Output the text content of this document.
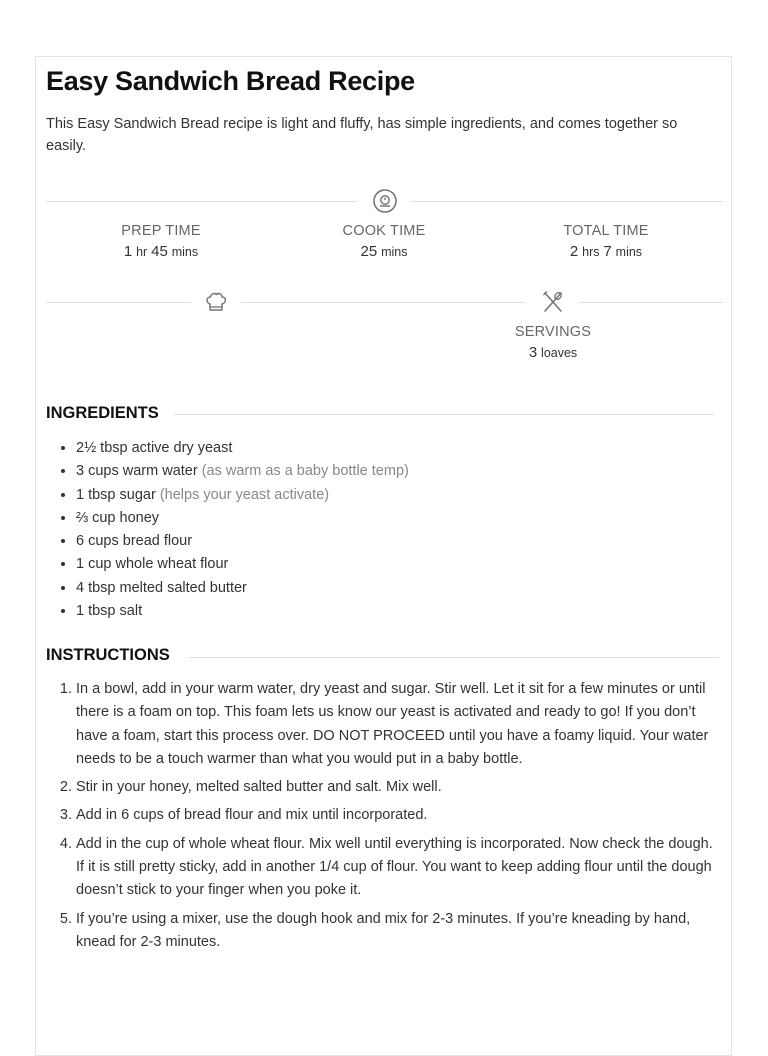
Easy Sandwich Bread Recipe
This Easy Sandwich Bread recipe is light and fluffy, has simple ingredients, and comes together so easily.
PREP TIME
1 hr 45 mins
COOK TIME
25 mins
TOTAL TIME
2 hrs 7 mins
SERVINGS
3 loaves
INGREDIENTS
• 2½ tbsp active dry yeast
• 3 cups warm water (as warm as a baby bottle temp)
• 1 tbsp sugar (helps your yeast activate)
• ⅔ cup honey
• 6 cups bread flour
• 1 cup whole wheat flour
• 4 tbsp melted salted butter
• 1 tbsp salt
INSTRUCTIONS
1. In a bowl, add in your warm water, dry yeast and sugar. Stir well. Let it sit for a few minutes or until there is a foam on top. This foam lets us know our yeast is activated and ready to go! If you don’t have a foam, start this process over. DO NOT PROCEED until you have a foamy liquid. Your water needs to be a touch warmer than what you would put in a baby bottle.
2. Stir in your honey, melted salted butter and salt. Mix well.
3. Add in 6 cups of bread flour and mix until incorporated.
4. Add in the cup of whole wheat flour. Mix well until everything is incorporated. Now check the dough. If it is still pretty sticky, add in another 1/4 cup of flour. You want to keep adding flour until the dough doesn’t stick to your finger when you poke it.
5. If you’re using a mixer, use the dough hook and mix for 2-3 minutes. If you’re kneading by hand, knead for 2-3 minutes.
